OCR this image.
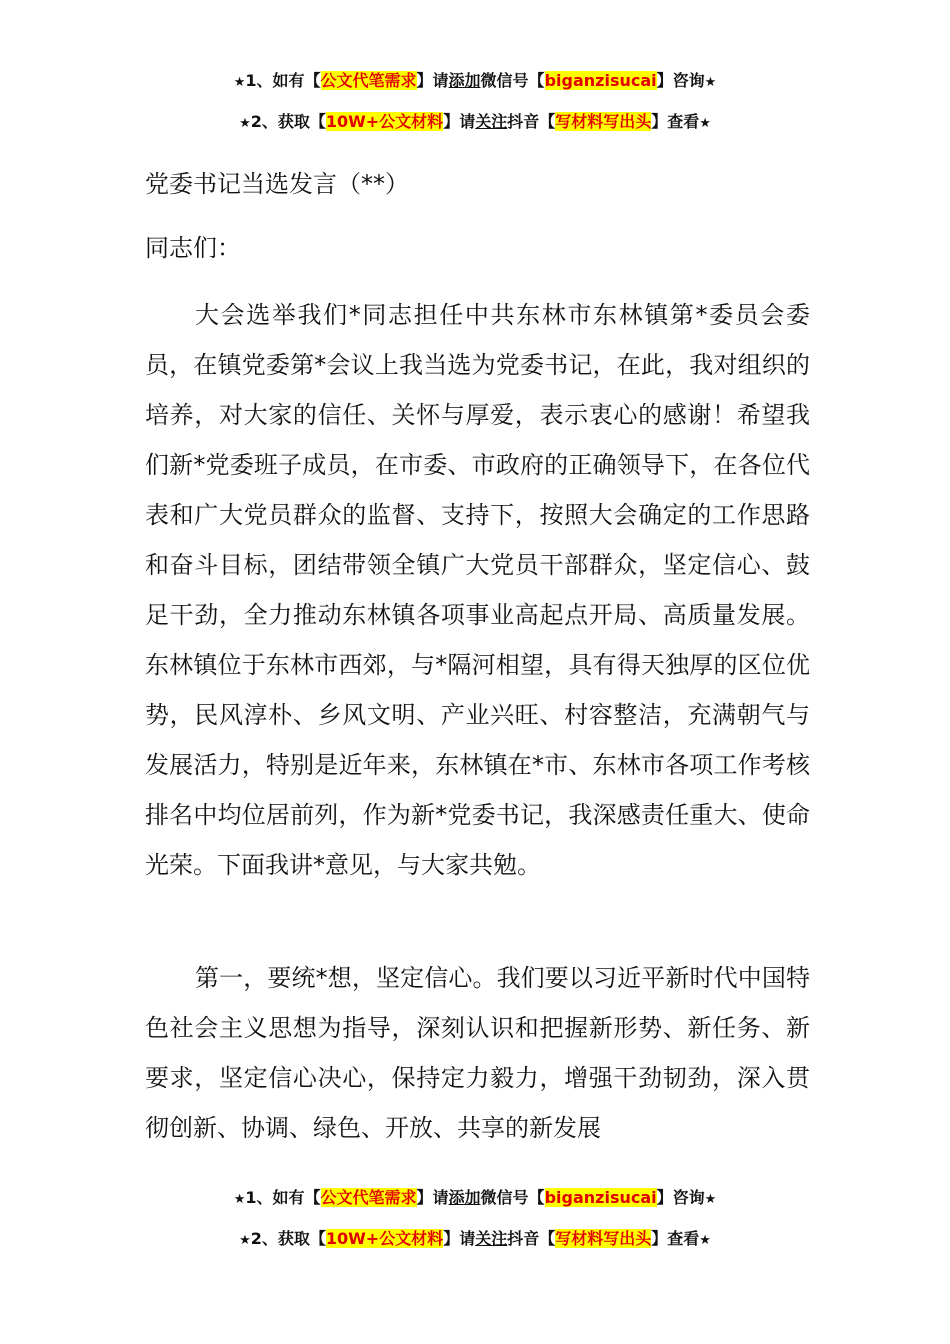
★1、如有【公文代笔需求】请添加微信号【biganzisucai】咨询★
★2、获取【10W+公文材料】请关注抖音【写材料写出头】查看★
党委书记当选发言（**）
同志们：

大会选举我们*同志担任中共东林市东林镇第*委员会委员，在镇党委第*会议上我当选为党委书记，在此，我对组织的培养，对大家的信任、关怀与厚爱，表示衷心的感谢！希望我们新*党委班子成员，在市委、市政府的正确领导下，在各位代表和广大党员群众的监督、支持下，按照大会确定的工作思路和奋斗目标，团结带领全镇广大党员干部群众，坚定信心、鼓足干劲，全力推动东林镇各项事业高起点开局、高质量发展。东林镇位于东林市西郊，与*隔河相望，具有得天独厚的区位优势，民风淳朴、乡风文明、产业兴旺、村容整洁，充满朝气与发展活力，特别是近年来，东林镇在*市、东林市各项工作考核排名中均位居前列，作为新*党委书记，我深感责任重大、使命光荣。下面我讲*意见，与大家共勉。

第一，要统*想，坚定信心。我们要以习近平新时代中国特色社会主义思想为指导，深刻认识和把握新形势、新任务、新要求，坚定信心决心，保持定力毅力，增强干劲韧劲，深入贯彻创新、协调、绿色、开放、共享的新发展

★1、如有【公文代笔需求】请添加微信号【biganzisucai】咨询★
★2、获取【10W+公文材料】请关注抖音【写材料写出头】查看★
